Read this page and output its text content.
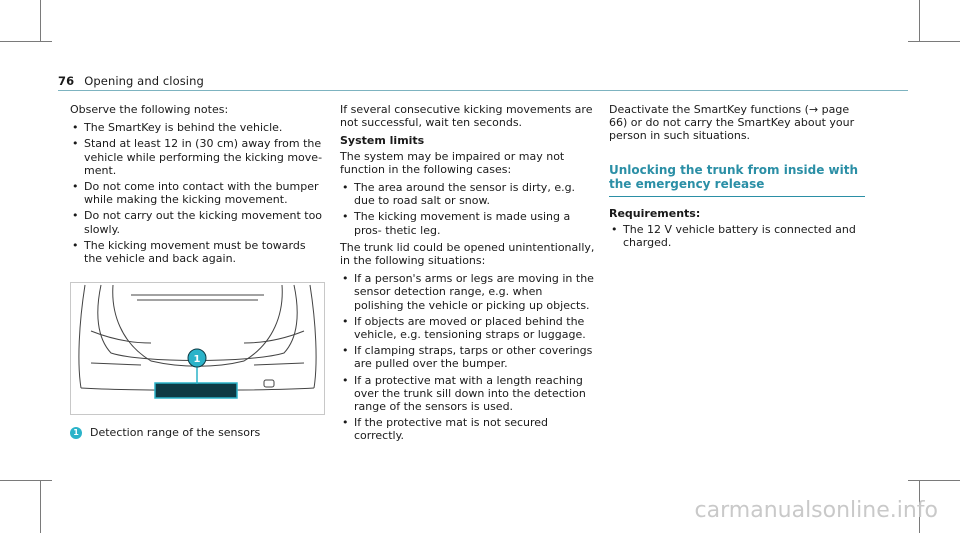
76 Opening and closing

Observe the following notes:

• The SmartKey is behind the vehicle.
• Stand at least 12 in (30 cm) away from the vehicle while performing the kicking move- ment.
• Do not come into contact with the bumper while making the kicking movement.
• Do not carry out the kicking movement too slowly.
• The kicking movement must be towards the vehicle and back again.
1
1 Detection range of the sensors

If several consecutive kicking movements are not successful, wait ten seconds.

System limits

The system may be impaired or may not function in the following cases:

• The area around the sensor is dirty, e.g. due to road salt or snow.
• The kicking movement is made using a pros- thetic leg.

The trunk lid could be opened unintentionally, in the following situations:

• If a person's arms or legs are moving in the sensor detection range, e.g. when polishing the vehicle or picking up objects.
• If objects are moved or placed behind the vehicle, e.g. tensioning straps or luggage.
• If clamping straps, tarps or other coverings are pulled over the bumper.
• If a protective mat with a length reaching over the trunk sill down into the detection range of the sensors is used.
• If the protective mat is not secured correctly.

Deactivate the SmartKey functions (→ page 66) or do not carry the SmartKey about your person in such situations.

Unlocking the trunk from inside with the emergency release
Requirements:
• The 12 V vehicle battery is connected and charged.
carmanualsonline.info
